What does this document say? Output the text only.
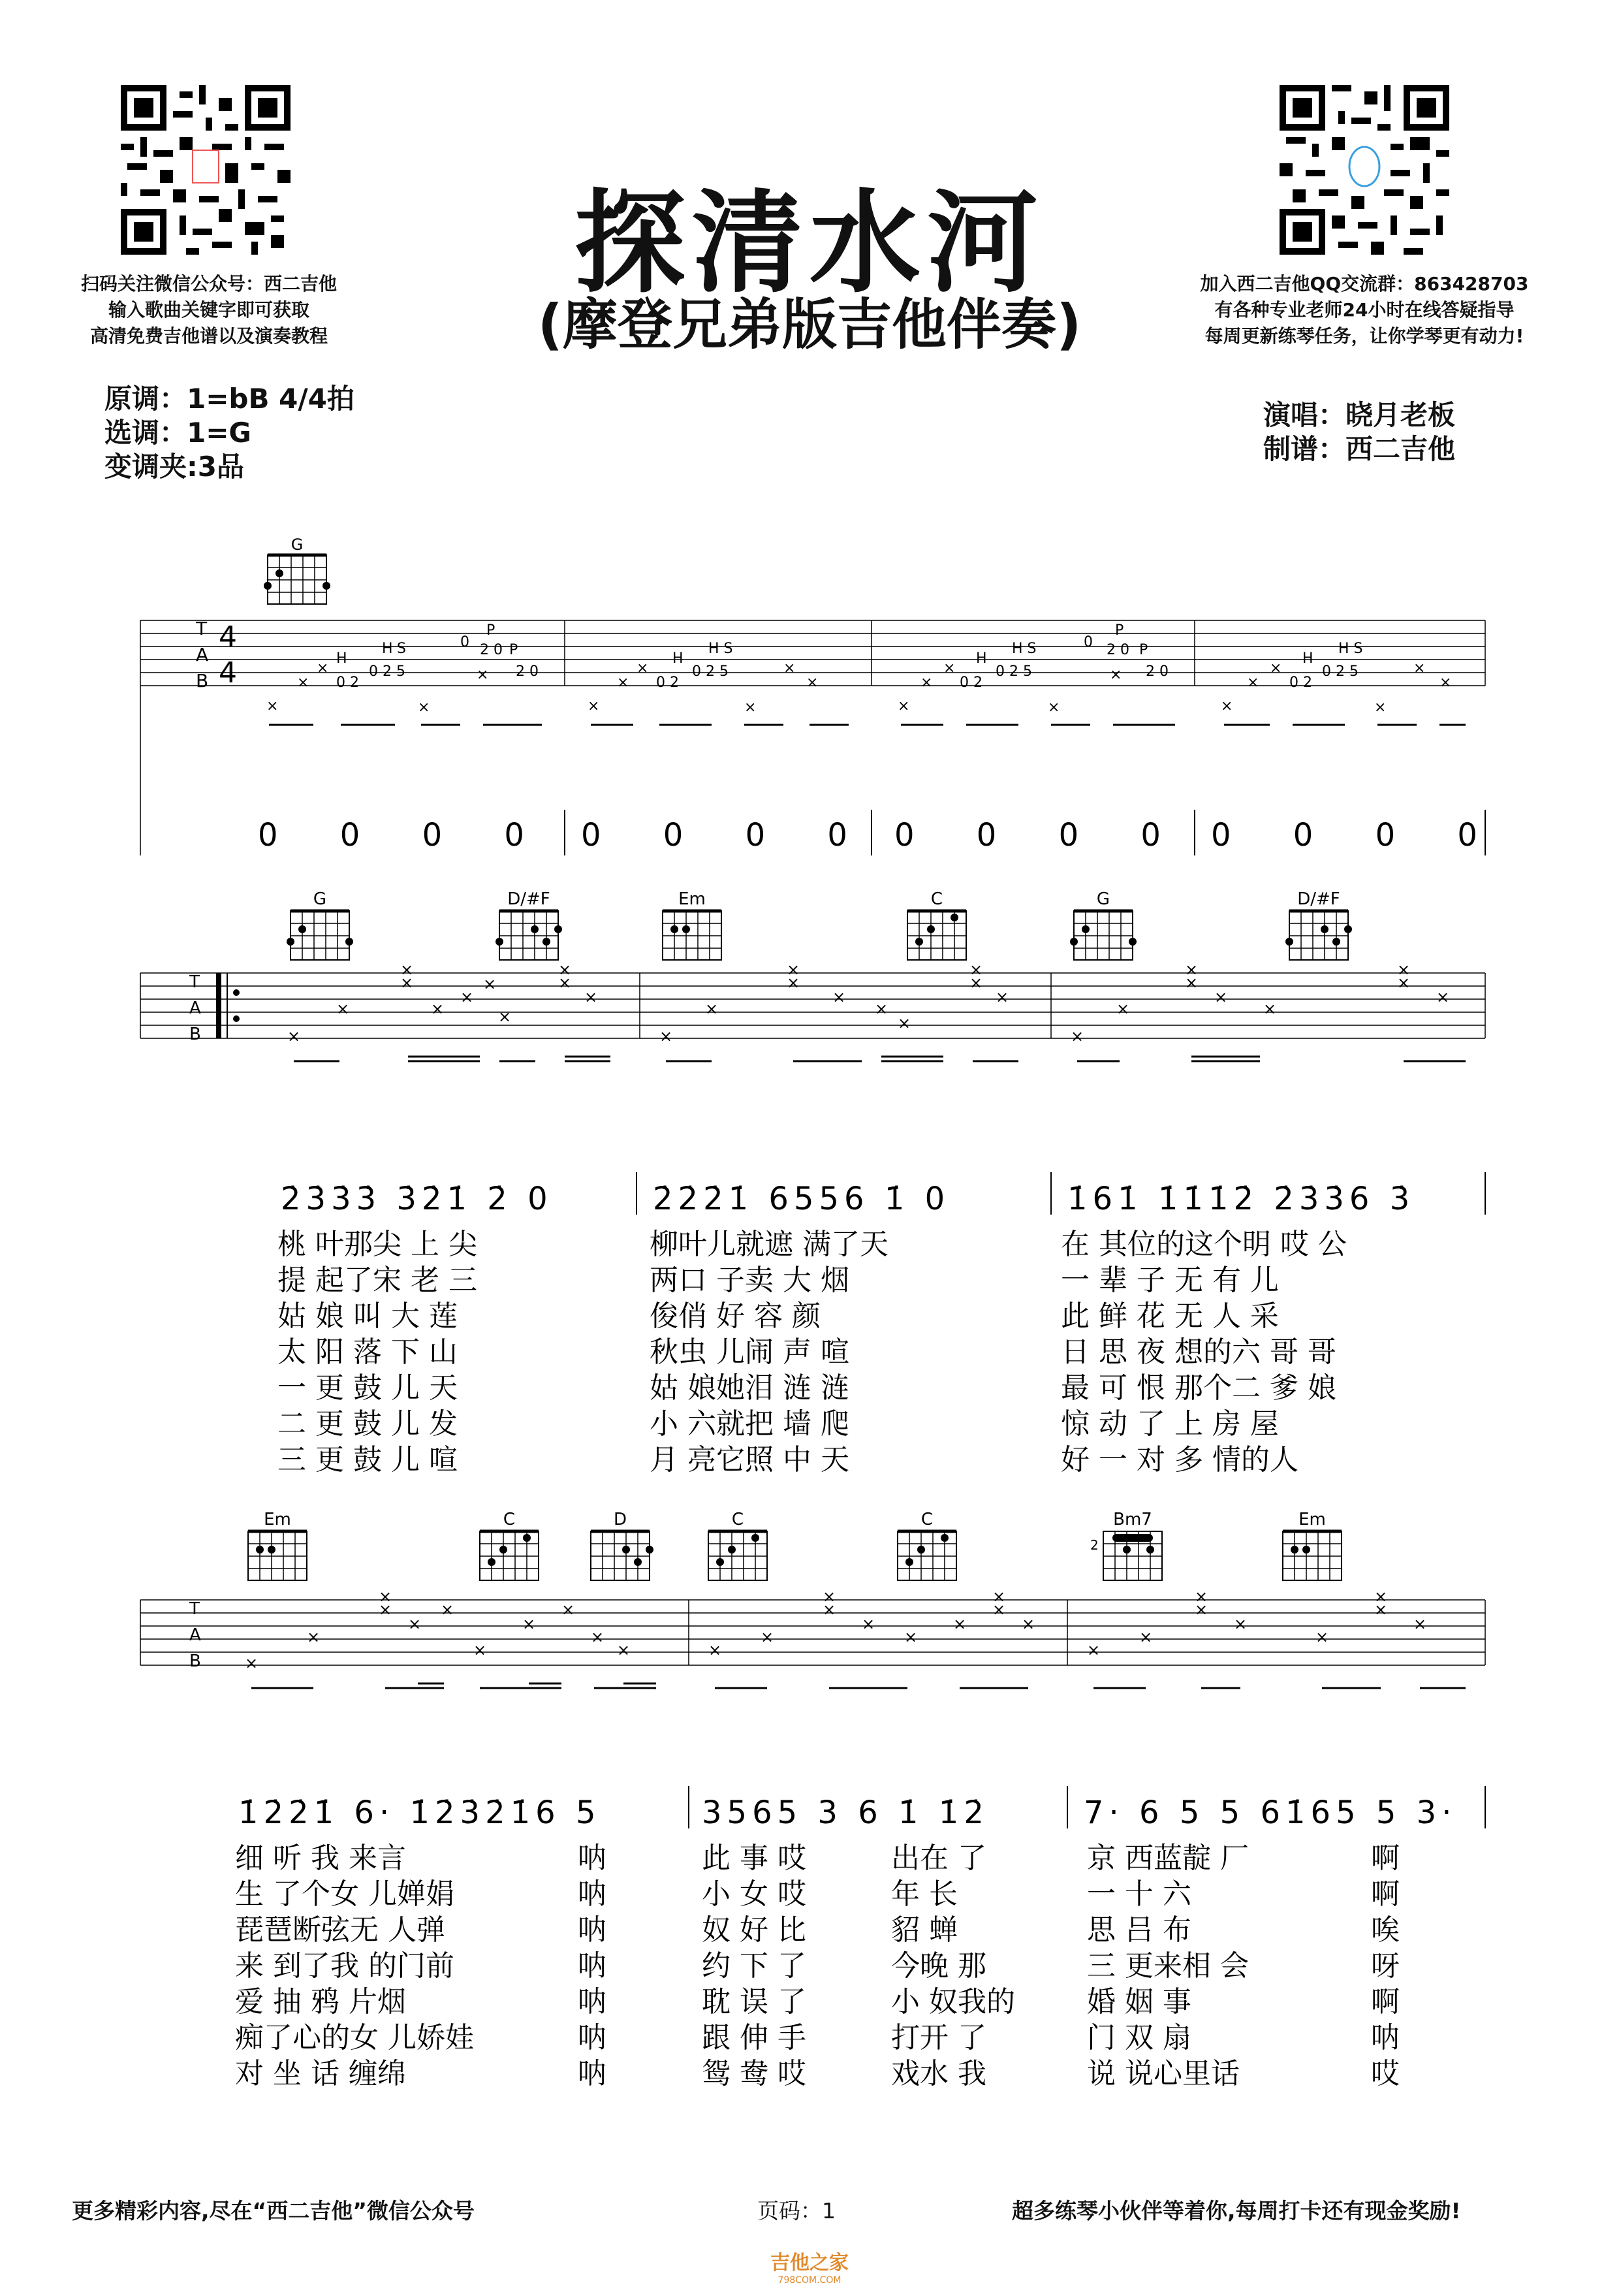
扫码关注微信公众号：西二吉他
输入歌曲关键字即可获取
高清免费吉他谱以及演奏教程
加入西二吉他QQ交流群：863428703
有各种专业老师24小时在线答疑指导
每周更新练琴任务，让你学琴更有动力!
探清水河
(摩登兄弟版吉他伴奏)
原调：1=bB 4/4拍
选调：1=G
变调夹:3品
演唱：晓月老板
制谱：西二吉他
G
T
A
B
4
4
×
×
×
H
0 2
H S
0 2 5
×
0
P
2 0 P
× 2 0
×
×
×
0 2
H
0 2 5
H S
×
×
×
×
×
×
0 2
H
0 2 5
H S
×
0
P
2 0 P
× 2 0
×
×
×
0 2
H
0 2 5
H S
×
×
×
0 0 0 0 0 0 0 0 0 0 0 0 0 0 0 0
G	D/#F	Em	C	G	D/#F
T
A
B	×
×
×
×
×
×
×
×
×
×
×
×
×
×
×
×
×
×
×
×
×
×
×
×
×
×
×
×
×
×
2̇3̇3̇3̇ 3̇2̇1̇ 2̇ 0	2̇2̇2̇1̇ 6556 1̇ 0	1̇61̇ 1̇1̇1̇2̇ 2̇3̇3̇6 3̇
桃 叶那尖 上 尖	柳叶儿就遮 满了天	在 其位的这个明 哎 公
提 起了宋 老 三	两口 子卖 大 烟	一 辈 子 无 有 儿
姑 娘 叫 大 莲	俊俏 好 容 颜	此 鲜 花 无 人 采
太 阳 落 下 山	秋虫 儿闹 声 喧	日 思 夜 想的六 哥 哥
一 更 鼓 儿 天	姑 娘她泪 涟 涟	最 可 恨 那个二 爹 娘
二 更 鼓 儿 发	小 六就把 墙 爬	惊 动 了 上 房 屋
三 更 鼓 儿 喧	月 亮它照 中 天	好 一 对 多 情的人
Em	C	D	C	C	Bm7
2
Em
T
A
B	×
×
×
×
×
×
×
×
×
×
×	×
×
×
×
×
×
×
×
×
×
×
×
×
×
×
×
×
×
×
1̇2̇2̇1̇ 6· 1̇2̇3̇2̇1̇6 5	3565 3 6 1̇ 1̇2̇	7· 6 5 5 61̇65 5 3·
细 听 我 来言	呐	此 事 哎	出在 了	京 西蓝靛 厂	啊
生 了个女 儿婵娟	呐	小 女 哎	年 长	一 十 六	啊
琵琶断弦无 人弹	呐	奴 好 比	貂 蝉	思 吕 布	唉
来 到了我 的门前	呐	约 下 了	今晚 那	三 更来相 会	呀
爱 抽 鸦 片烟	呐	耽 误 了	小 奴我的	婚 姻 事	啊
痴了心的女 儿娇娃	呐	跟 伸 手	打开 了	门 双 扇	呐
对 坐 话 缠绵	呐	鸳 鸯 哎	戏水 我	说 说心里话	哎
更多精彩内容,尽在“西二吉他”微信公众号	页码：1	超多练琴小伙伴等着你,每周打卡还有现金奖励!
吉他之家
798COM.COM
